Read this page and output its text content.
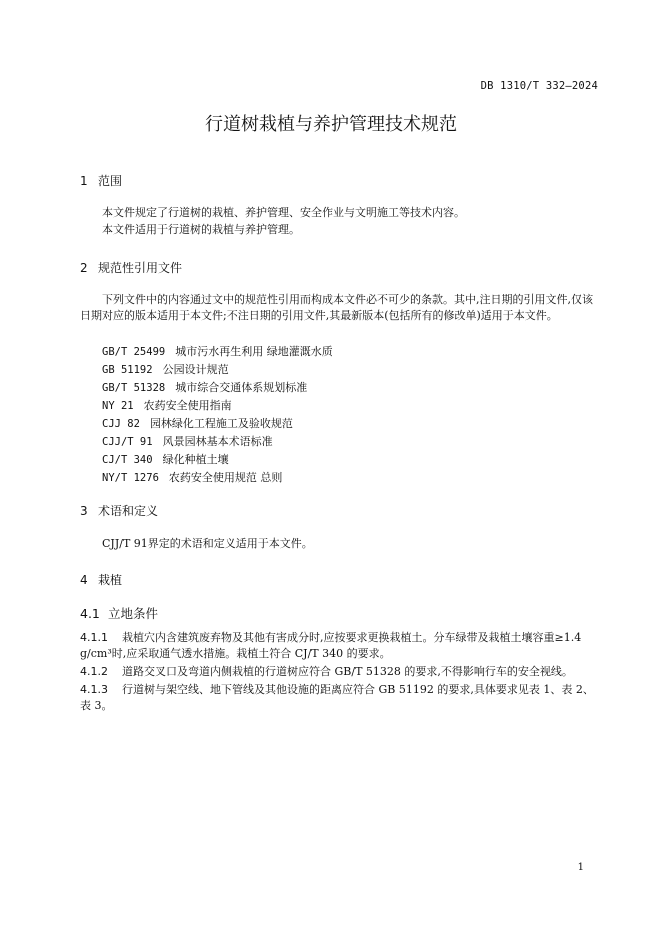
DB 1310/T 332—2024
行道树栽植与养护管理技术规范
1 范围
本文件规定了行道树的栽植、养护管理、安全作业与文明施工等技术内容。
本文件适用于行道树的栽植与养护管理。
2 规范性引用文件
下列文件中的内容通过文中的规范性引用而构成本文件必不可少的条款。其中,注日期的引用文件,仅该日期对应的版本适用于本文件;不注日期的引用文件,其最新版本(包括所有的修改单)适用于本文件。
GB/T 25499 城市污水再生利用 绿地灌溉水质
GB 51192 公园设计规范
GB/T 51328 城市综合交通体系规划标准
NY 21 农药安全使用指南
CJJ 82 园林绿化工程施工及验收规范
CJJ/T 91 风景园林基本术语标准
CJ/T 340 绿化种植土壤
NY/T 1276 农药安全使用规范 总则
3 术语和定义
CJJ/T 91界定的术语和定义适用于本文件。
4 栽植
4.1 立地条件
4.1.1 栽植穴内含建筑废弃物及其他有害成分时,应按要求更换栽植土。分车绿带及栽植土壤容重≥1.4 g/cm³时,应采取通气透水措施。栽植土符合 CJ/T 340 的要求。
4.1.2 道路交叉口及弯道内侧栽植的行道树应符合 GB/T 51328 的要求,不得影响行车的安全视线。
4.1.3 行道树与架空线、地下管线及其他设施的距离应符合 GB 51192 的要求,具体要求见表 1、表 2、表 3。
1
